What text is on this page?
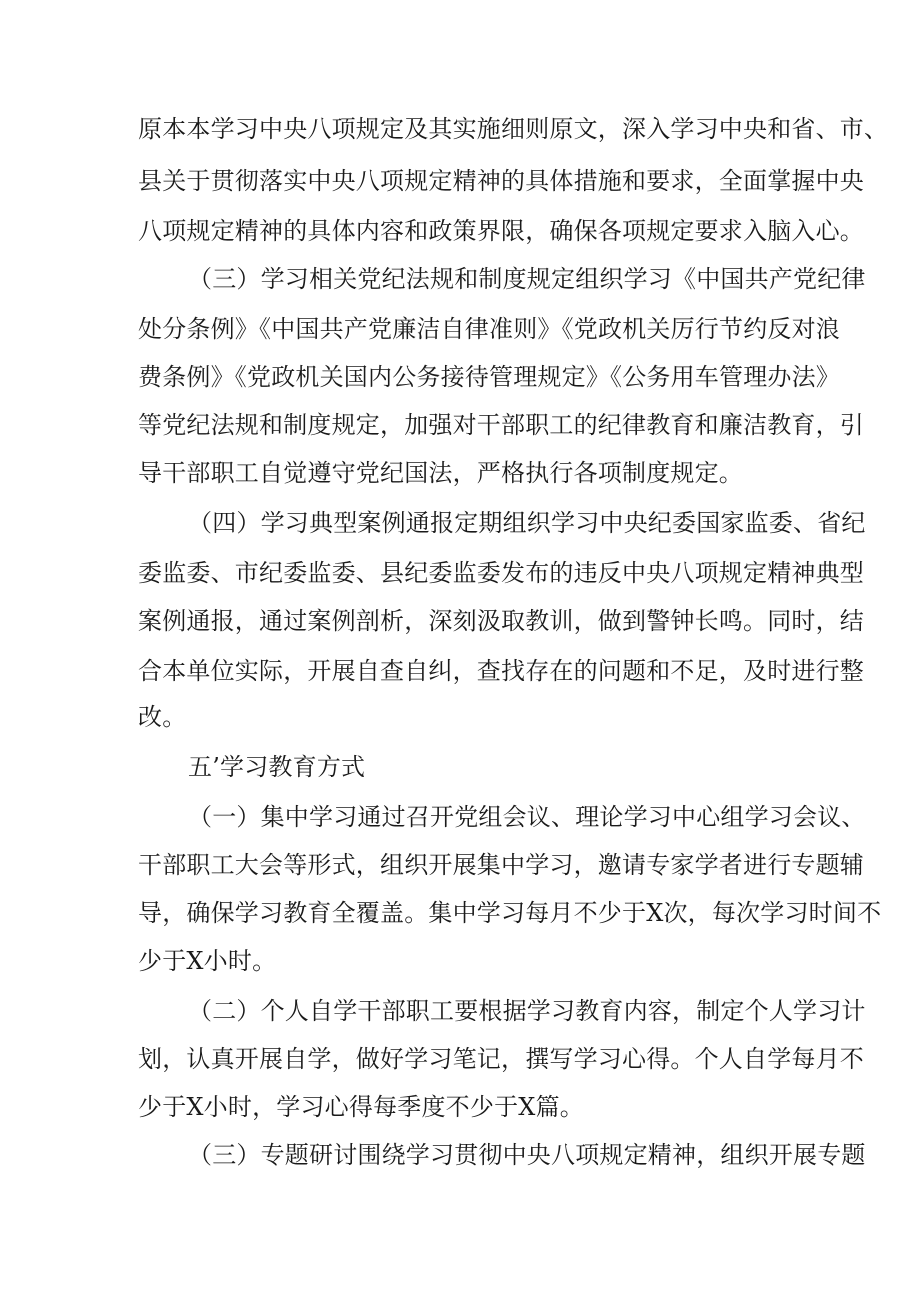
原本本学习中央八项规定及其实施细则原文，深入学习中央和省、市、
县关于贯彻落实中央八项规定精神的具体措施和要求，全面掌握中央
八项规定精神的具体内容和政策界限，确保各项规定要求入脑入心。
（三）学习相关党纪法规和制度规定组织学习《中国共产党纪律
处分条例》《中国共产党廉洁自律准则》《党政机关厉行节约反对浪
费条例》《党政机关国内公务接待管理规定》《公务用车管理办法》
等党纪法规和制度规定，加强对干部职工的纪律教育和廉洁教育，引
导干部职工自觉遵守党纪国法，严格执行各项制度规定。
（四）学习典型案例通报定期组织学习中央纪委国家监委、省纪
委监委、市纪委监委、县纪委监委发布的违反中央八项规定精神典型
案例通报，通过案例剖析，深刻汲取教训，做到警钟长鸣。同时，结
合本单位实际，开展自查自纠，查找存在的问题和不足，及时进行整
改。
五’学习教育方式
（一）集中学习通过召开党组会议、理论学习中心组学习会议、
干部职工大会等形式，组织开展集中学习，邀请专家学者进行专题辅
导，确保学习教育全覆盖。集中学习每月不少于X次，每次学习时间不
少于X小时。
（二）个人自学干部职工要根据学习教育内容，制定个人学习计
划，认真开展自学，做好学习笔记，撰写学习心得。个人自学每月不
少于X小时，学习心得每季度不少于X篇。
（三）专题研讨围绕学习贯彻中央八项规定精神，组织开展专题
